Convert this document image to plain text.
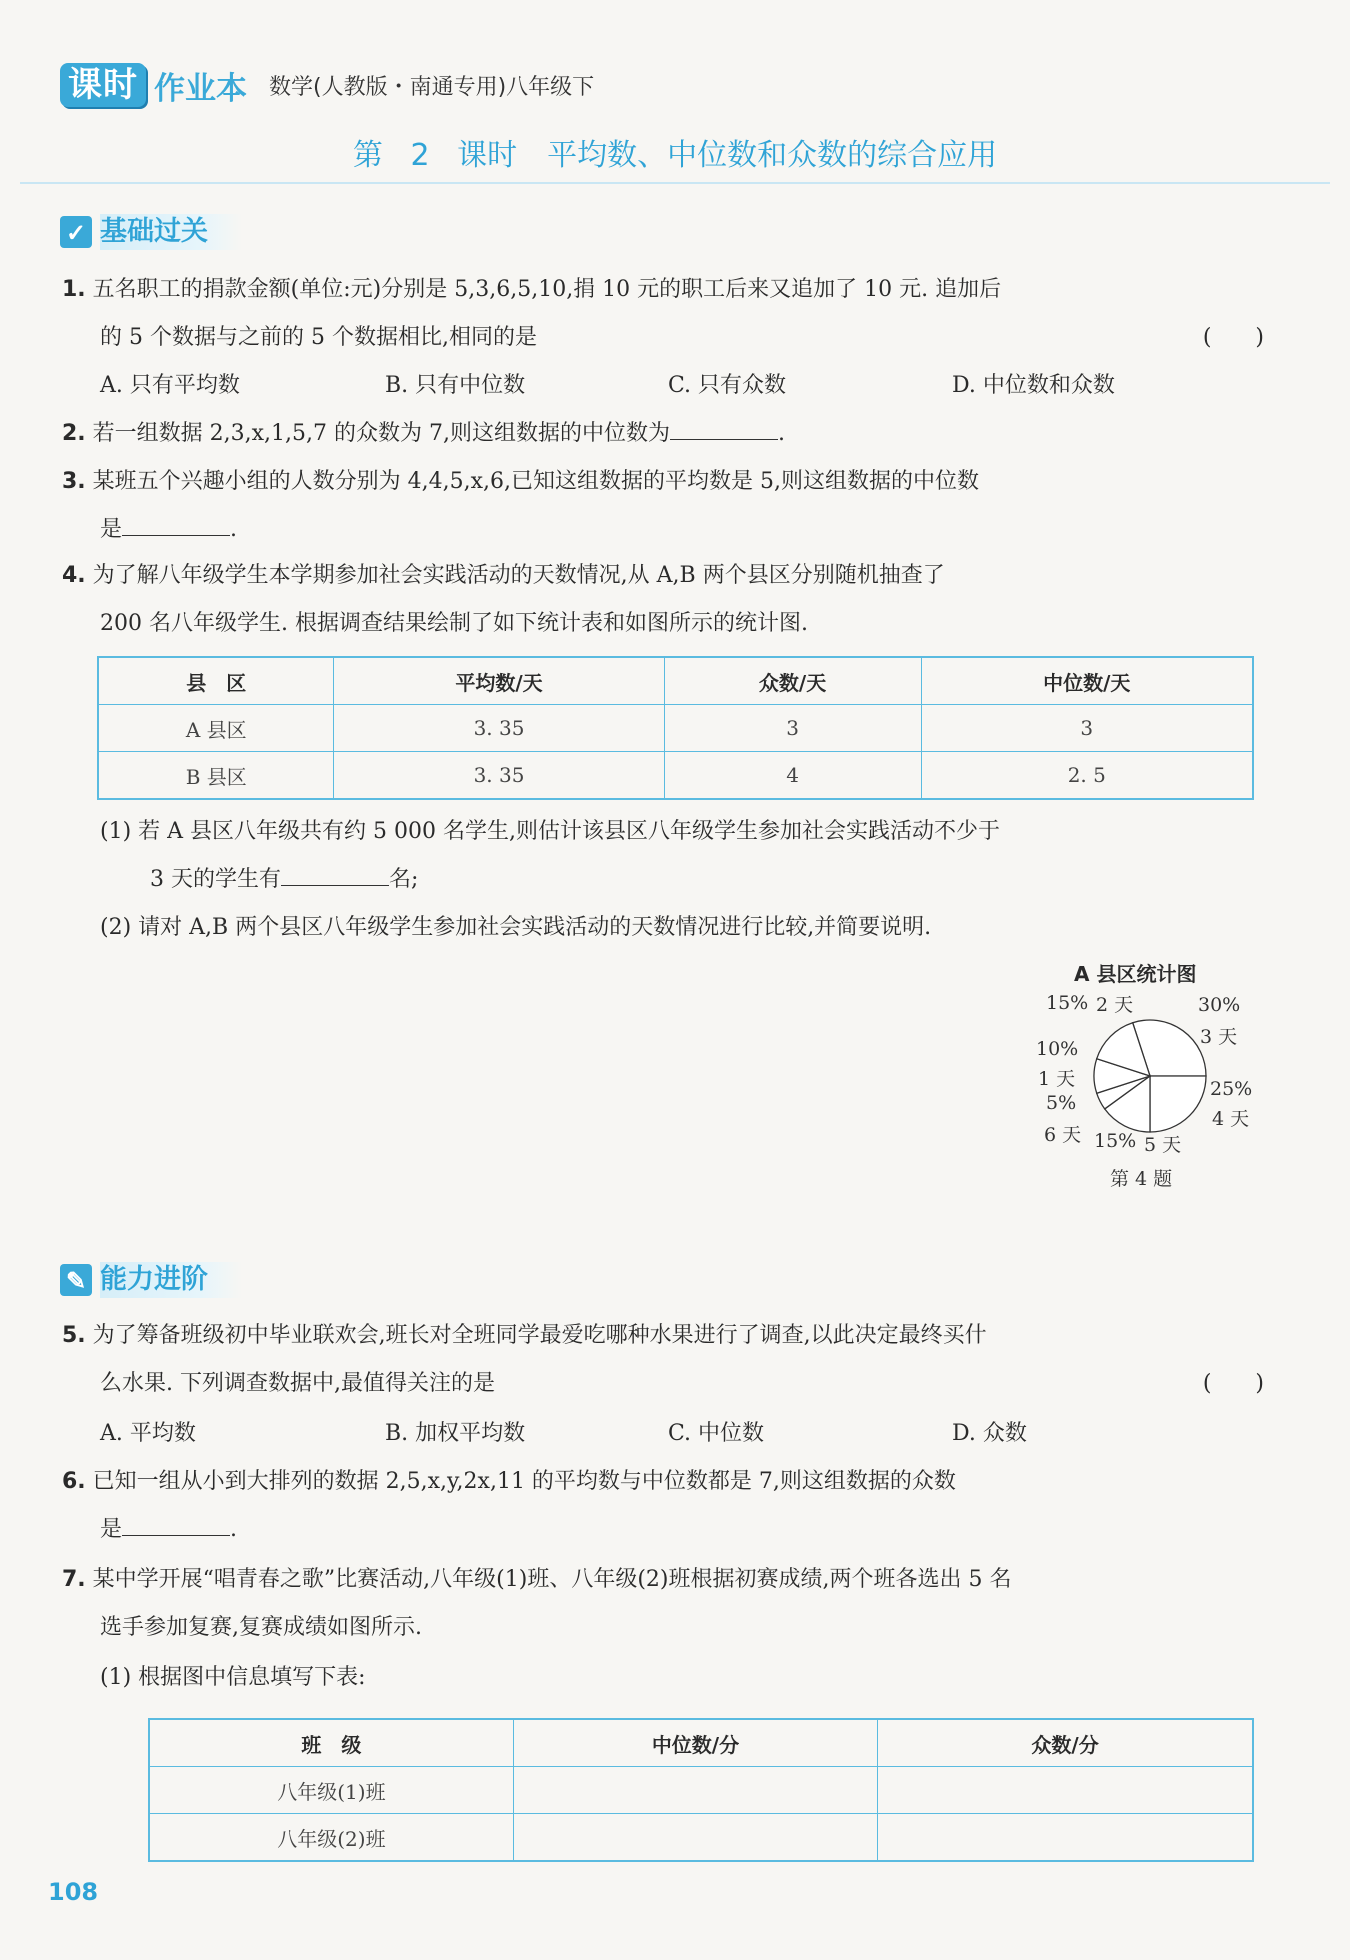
课时 作业本 数学(人教版・南通专用)八年级下
第 2 课时　平均数、中位数和众数的综合应用
✓ 基础过关
1. 五名职工的捐款金额(单位:元)分别是 5,3,6,5,10,捐 10 元的职工后来又追加了 10 元. 追加后
的 5 个数据与之前的 5 个数据相比,相同的是	(　　)
A. 只有平均数	B. 只有中位数	C. 只有众数	D. 中位数和众数
2. 若一组数据 2,3,x,1,5,7 的众数为 7,则这组数据的中位数为	.
3. 某班五个兴趣小组的人数分别为 4,4,5,x,6,已知这组数据的平均数是 5,则这组数据的中位数
是	.
4. 为了解八年级学生本学期参加社会实践活动的天数情况,从 A,B 两个县区分别随机抽查了
200 名八年级学生. 根据调查结果绘制了如下统计表和如图所示的统计图.
县　区	平均数/天	众数/天	中位数/天
A 县区	3. 35	3	3
B 县区	3. 35	4	2. 5
(1) 若 A 县区八年级共有约 5 000 名学生,则估计该县区八年级学生参加社会实践活动不少于
3 天的学生有	名;
(2) 请对 A,B 两个县区八年级学生参加社会实践活动的天数情况进行比较,并简要说明.
A 县区统计图
15% 2 天	30%
3 天
10%
1 天	25%
4 天
5%
6 天 15% 5 天
第 4 题
✎ 能力进阶
5. 为了筹备班级初中毕业联欢会,班长对全班同学最爱吃哪种水果进行了调查,以此决定最终买什
么水果. 下列调查数据中,最值得关注的是	(　　)
A. 平均数	B. 加权平均数	C. 中位数	D. 众数
6. 已知一组从小到大排列的数据 2,5,x,y,2x,11 的平均数与中位数都是 7,则这组数据的众数
是	.
7. 某中学开展“唱青春之歌”比赛活动,八年级(1)班、八年级(2)班根据初赛成绩,两个班各选出 5 名
选手参加复赛,复赛成绩如图所示.
(1) 根据图中信息填写下表:
班　级	中位数/分	众数/分
八年级(1)班		
八年级(2)班		
108
